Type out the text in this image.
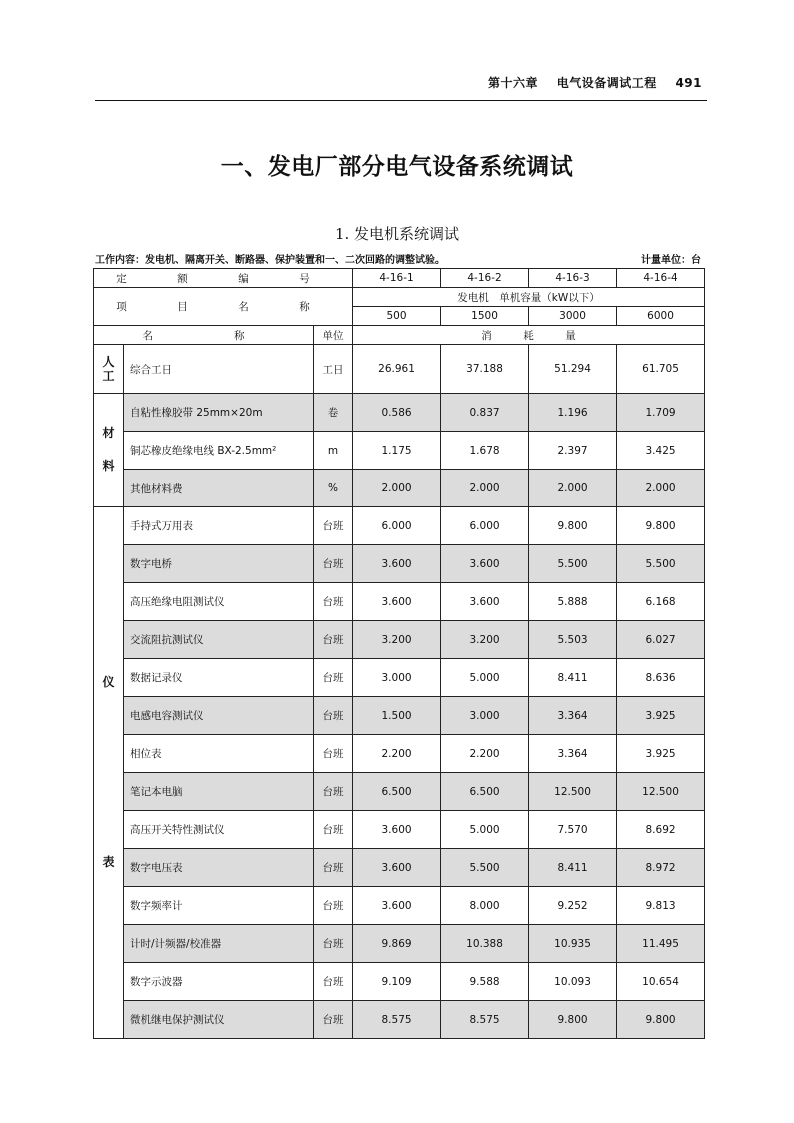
第十六章 电气设备调试工程 491
一、发电厂部分电气设备系统调试
1. 发电机系统调试
工作内容：发电机、隔离开关、断路器、保护装置和一、二次回路的调整试验。	计量单位：台
定　额　编　号			4-16-1	4-16-2	4-16-3	4-16-4
项　目　名　称			发电机　单机容量（kW以下）			
			500	1500	3000	6000
名　　称		单位	消　　　耗　　　量			
人工	综合工日	工日	26.961	37.188	51.294	61.705

材
料	自粘性橡胶带 25mm×20m	卷	0.586	0.837	1.196	1.709
	铜芯橡皮绝缘电线 BX-2.5mm²	m	1.175	1.678	2.397	3.425
	其他材料费	%	2.000	2.000	2.000	2.000

仪
表	手持式万用表	台班	6.000	6.000	9.800	9.800
	数字电桥	台班	3.600	3.600	5.500	5.500
	高压绝缘电阻测试仪	台班	3.600	3.600	5.888	6.168
	交流阻抗测试仪	台班	3.200	3.200	5.503	6.027
	数据记录仪	台班	3.000	5.000	8.411	8.636
	电感电容测试仪	台班	1.500	3.000	3.364	3.925
	相位表	台班	2.200	2.200	3.364	3.925
	笔记本电脑	台班	6.500	6.500	12.500	12.500
	高压开关特性测试仪	台班	3.600	5.000	7.570	8.692
	数字电压表	台班	3.600	5.500	8.411	8.972
	数字频率计	台班	3.600	8.000	9.252	9.813
	计时/计频器/校准器	台班	9.869	10.388	10.935	11.495
	数字示波器	台班	9.109	9.588	10.093	10.654
	微机继电保护测试仪	台班	8.575	8.575	9.800	9.800
